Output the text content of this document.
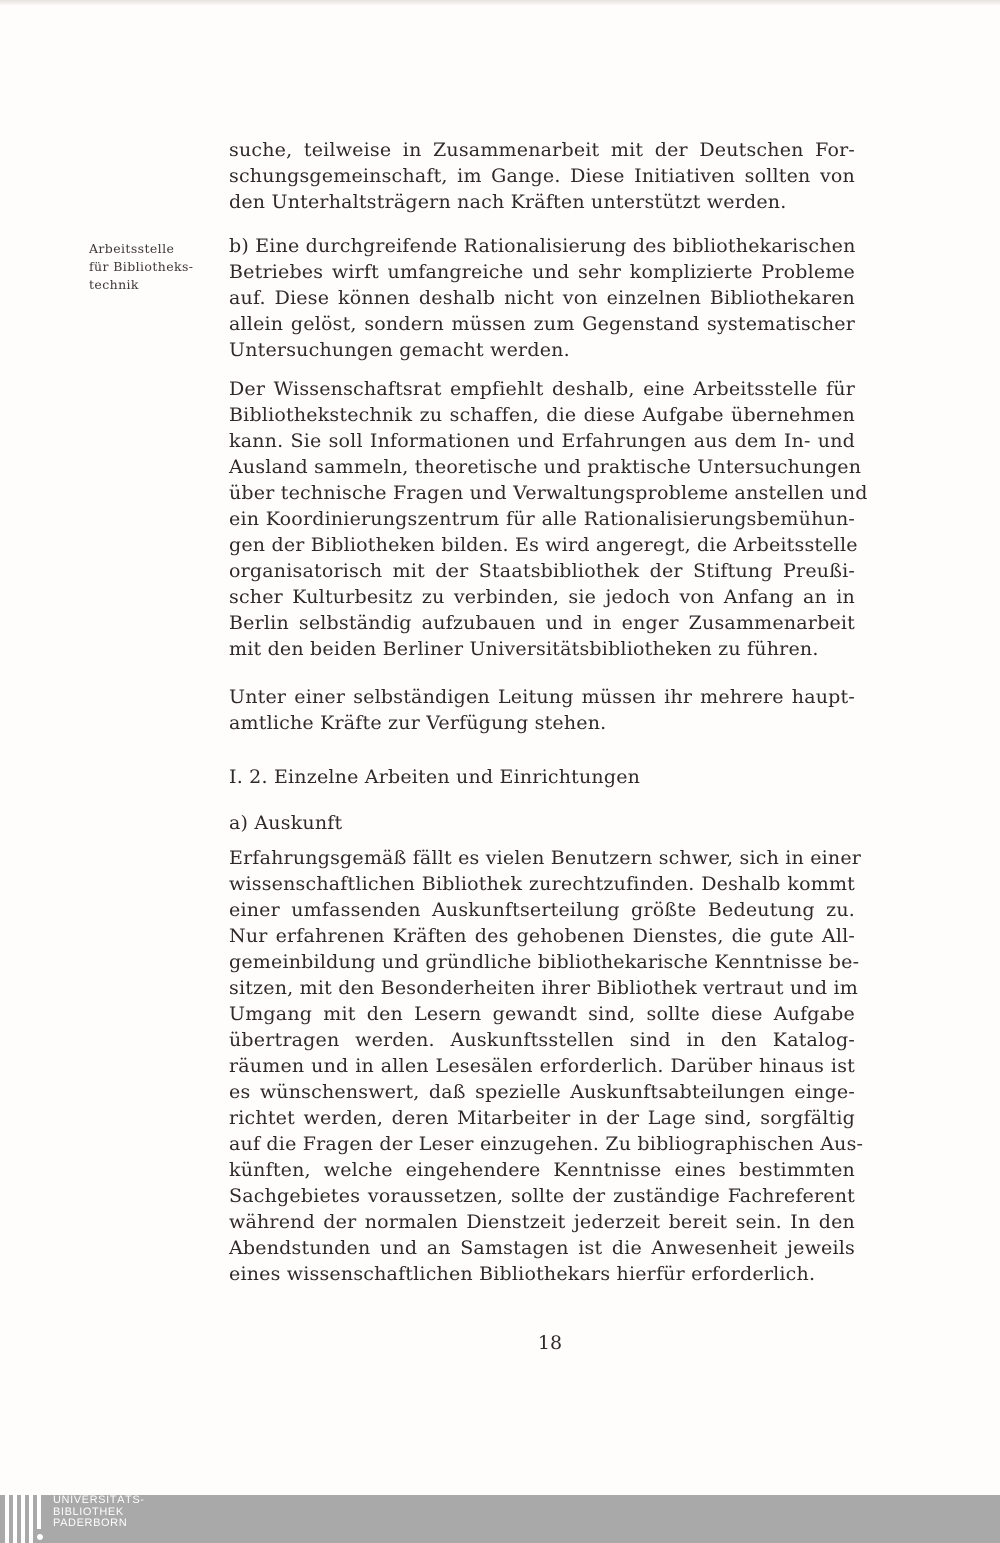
Arbeitsstelle
für Bibliotheks-
technik
suche, teilweise in Zusammenarbeit mit der Deutschen For-
schungsgemeinschaft, im Gange. Diese Initiativen sollten von
den Unterhaltsträgern nach Kräften unterstützt werden.
b) Eine durchgreifende Rationalisierung des bibliothekarischen
Betriebes wirft umfangreiche und sehr komplizierte Probleme
auf. Diese können deshalb nicht von einzelnen Bibliothekaren
allein gelöst, sondern müssen zum Gegenstand systematischer
Untersuchungen gemacht werden.
Der Wissenschaftsrat empfiehlt deshalb, eine Arbeitsstelle für
Bibliothekstechnik zu schaffen, die diese Aufgabe übernehmen
kann. Sie soll Informationen und Erfahrungen aus dem In- und
Ausland sammeln, theoretische und praktische Untersuchungen
über technische Fragen und Verwaltungsprobleme anstellen und
ein Koordinierungszentrum für alle Rationalisierungsbemühun-
gen der Bibliotheken bilden. Es wird angeregt, die Arbeitsstelle
organisatorisch mit der Staatsbibliothek der Stiftung Preußi-
scher Kulturbesitz zu verbinden, sie jedoch von Anfang an in
Berlin selbständig aufzubauen und in enger Zusammenarbeit
mit den beiden Berliner Universitätsbibliotheken zu führen.
Unter einer selbständigen Leitung müssen ihr mehrere haupt-
amtliche Kräfte zur Verfügung stehen.
I. 2. Einzelne Arbeiten und Einrichtungen
a) Auskunft
Erfahrungsgemäß fällt es vielen Benutzern schwer, sich in einer
wissenschaftlichen Bibliothek zurechtzufinden. Deshalb kommt
einer umfassenden Auskunftserteilung größte Bedeutung zu.
Nur erfahrenen Kräften des gehobenen Dienstes, die gute All-
gemeinbildung und gründliche bibliothekarische Kenntnisse be-
sitzen, mit den Besonderheiten ihrer Bibliothek vertraut und im
Umgang mit den Lesern gewandt sind, sollte diese Aufgabe
übertragen werden. Auskunftsstellen sind in den Katalog-
räumen und in allen Lesesälen erforderlich. Darüber hinaus ist
es wünschenswert, daß spezielle Auskunftsabteilungen einge-
richtet werden, deren Mitarbeiter in der Lage sind, sorgfältig
auf die Fragen der Leser einzugehen. Zu bibliographischen Aus-
künften, welche eingehendere Kenntnisse eines bestimmten
Sachgebietes voraussetzen, sollte der zuständige Fachreferent
während der normalen Dienstzeit jederzeit bereit sein. In den
Abendstunden und an Samstagen ist die Anwesenheit jeweils
eines wissenschaftlichen Bibliothekars hierfür erforderlich.
18
UNIVERSITÄTS-
BIBLIOTHEK
PADERBORN
